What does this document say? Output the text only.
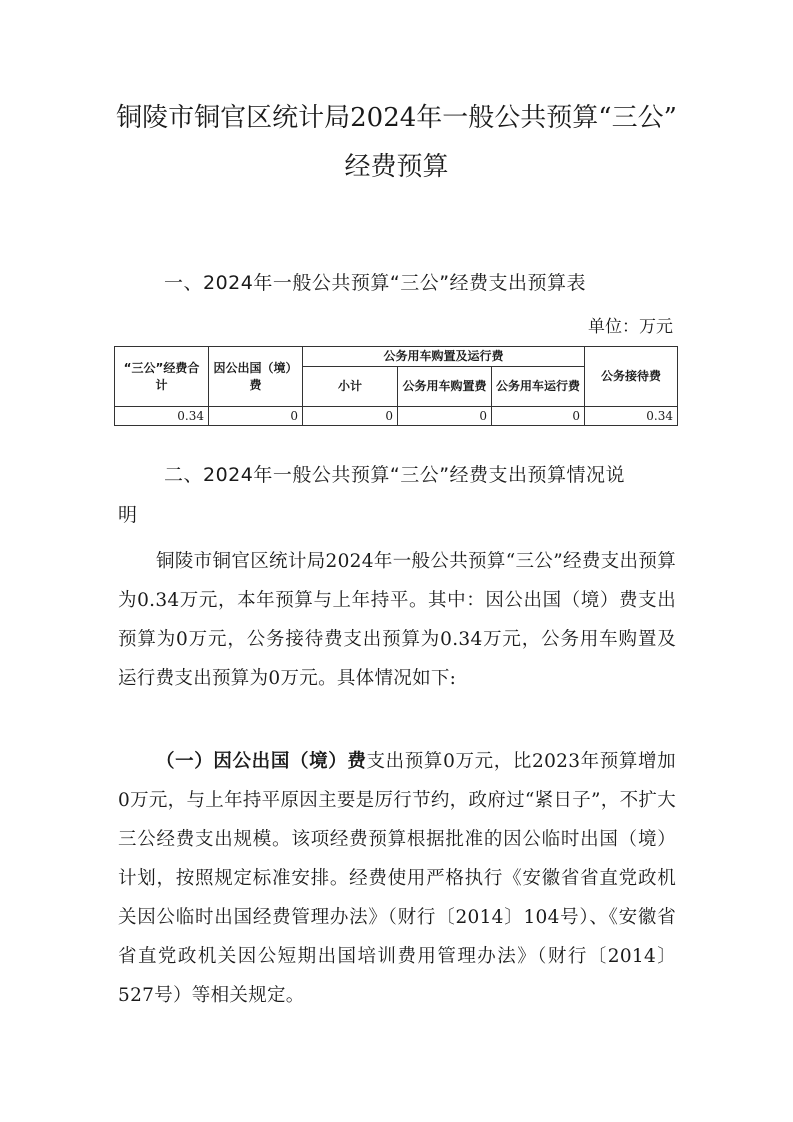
铜陵市铜官区统计局2024年一般公共预算“三公”
经费预算
一、2024年一般公共预算“三公”经费支出预算表
单位：万元
“三公”经费合计	因公出国（境）费	公务用车购置及运行费			公务接待费
		小计	公务用车购置费	公务用车运行费	
0.34	0	0	0	0	0.34
二、2024年一般公共预算“三公”经费支出预算情况说
明
铜陵市铜官区统计局2024年一般公共预算“三公”经费支出预算为0.34万元，本年预算与上年持平。其中：因公出国（境）费支出预算为0万元，公务接待费支出预算为0.34万元，公务用车购置及运行费支出预算为0万元。具体情况如下:
（一）因公出国（境）费支出预算0万元，比2023年预算增加0万元，与上年持平原因主要是厉行节约，政府过“紧日子”，不扩大三公经费支出规模。该项经费预算根据批准的因公临时出国（境）计划，按照规定标准安排。经费使用严格执行《安徽省省直党政机关因公临时出国经费管理办法》（财行〔2014〕104号）、《安徽省省直党政机关因公短期出国培训费用管理办法》（财行〔2014〕527号）等相关规定。
